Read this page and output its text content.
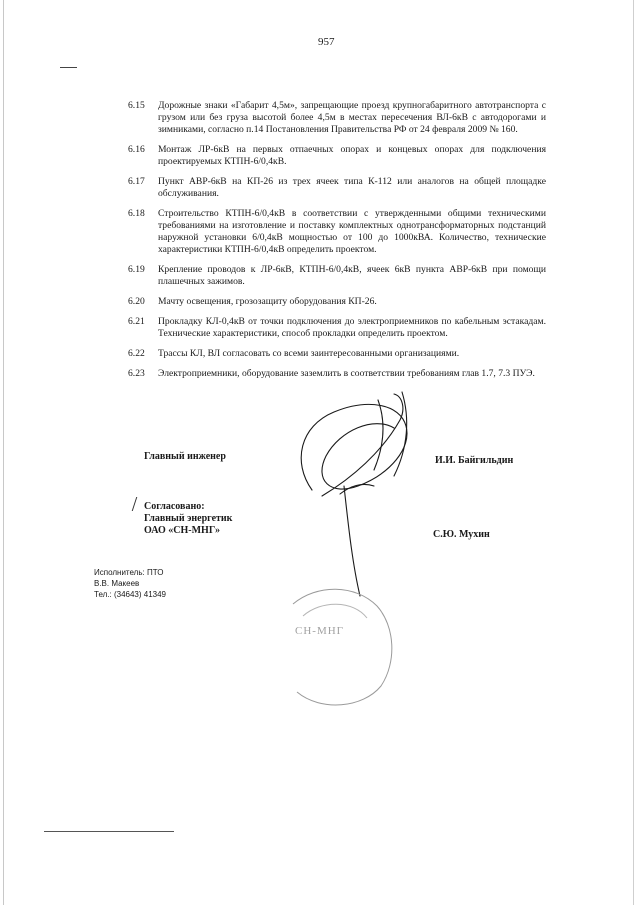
957
6.15 Дорожные знаки «Габарит 4,5м», запрещающие проезд крупногабаритного автотранспорта с грузом или без груза высотой более 4,5м в местах пересечения ВЛ-6кВ с автодорогами и зимниками, согласно п.14 Постановления Правительства РФ от 24 февраля 2009 № 160.
6.16 Монтаж ЛР-6кВ на первых отпаечных опорах и концевых опорах для подключения проектируемых КТПН-6/0,4кВ.
6.17 Пункт АВР-6кВ на КП-26 из трех ячеек типа К-112 или аналогов на общей площадке обслуживания.
6.18 Строительство КТПН-6/0,4кВ в соответствии с утвержденными общими техническими требованиями на изготовление и поставку комплектных однотрансформаторных подстанций наружной установки 6/0,4кВ мощностью от 100 до 1000кВА. Количество, технические характеристики КТПН-6/0,4кВ определить проектом.
6.19 Крепление проводов к ЛР-6кВ, КТПН-6/0,4кВ, ячеек 6кВ пункта АВР-6кВ при помощи плашечных зажимов.
6.20 Мачту освещения, грозозащиту оборудования КП-26.
6.21 Прокладку КЛ-0,4кВ от точки подключения до электроприемников по кабельным эстакадам. Технические характеристики, способ прокладки определить проектом.
6.22 Трассы КЛ, ВЛ согласовать со всеми заинтересованными организациями.
6.23 Электроприемники, оборудование заземлить в соответствии требованиям глав 1.7, 7.3 ПУЭ.
Главный инженер	И.И. Байгильдин
Согласовано:
Главный энергетик
ОАО «СН-МНГ»	С.Ю. Мухин
Исполнитель: ПТО
В.В. Макеев
Тел.: (34643) 41349
СН-МНГ
